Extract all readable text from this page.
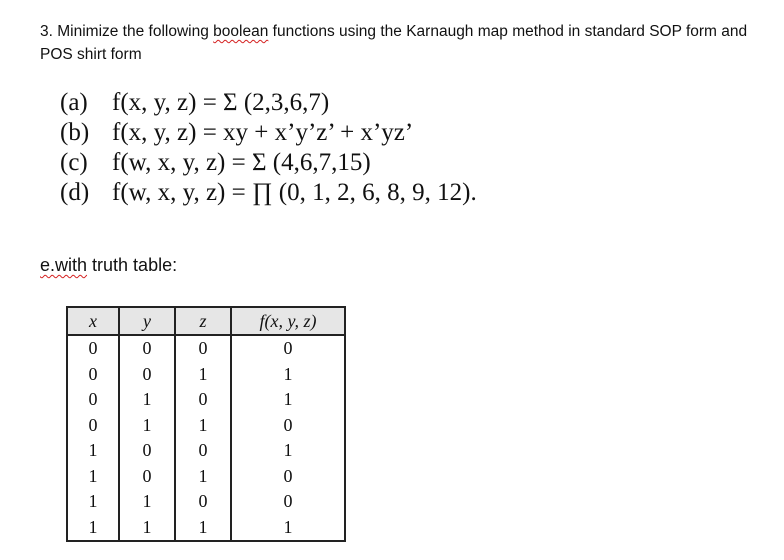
3. Minimize the following boolean functions using the Karnaugh map method in standard SOP form and POS shirt form

(a) f(x, y, z) = Σ (2,3,6,7)
(b) f(x, y, z) = xy + x’y’z’ + x’yz’
(c) f(w, x, y, z) = Σ (4,6,7,15)
(d) f(w, x, y, z) = ∏ (0, 1, 2, 6, 8, 9, 12).

e.with truth table:

x	y	z	f(x, y, z)
0	0	0	0
0	0	1	1
0	1	0	1
0	1	1	0
1	0	0	1
1	0	1	0
1	1	0	0
1	1	1	1
